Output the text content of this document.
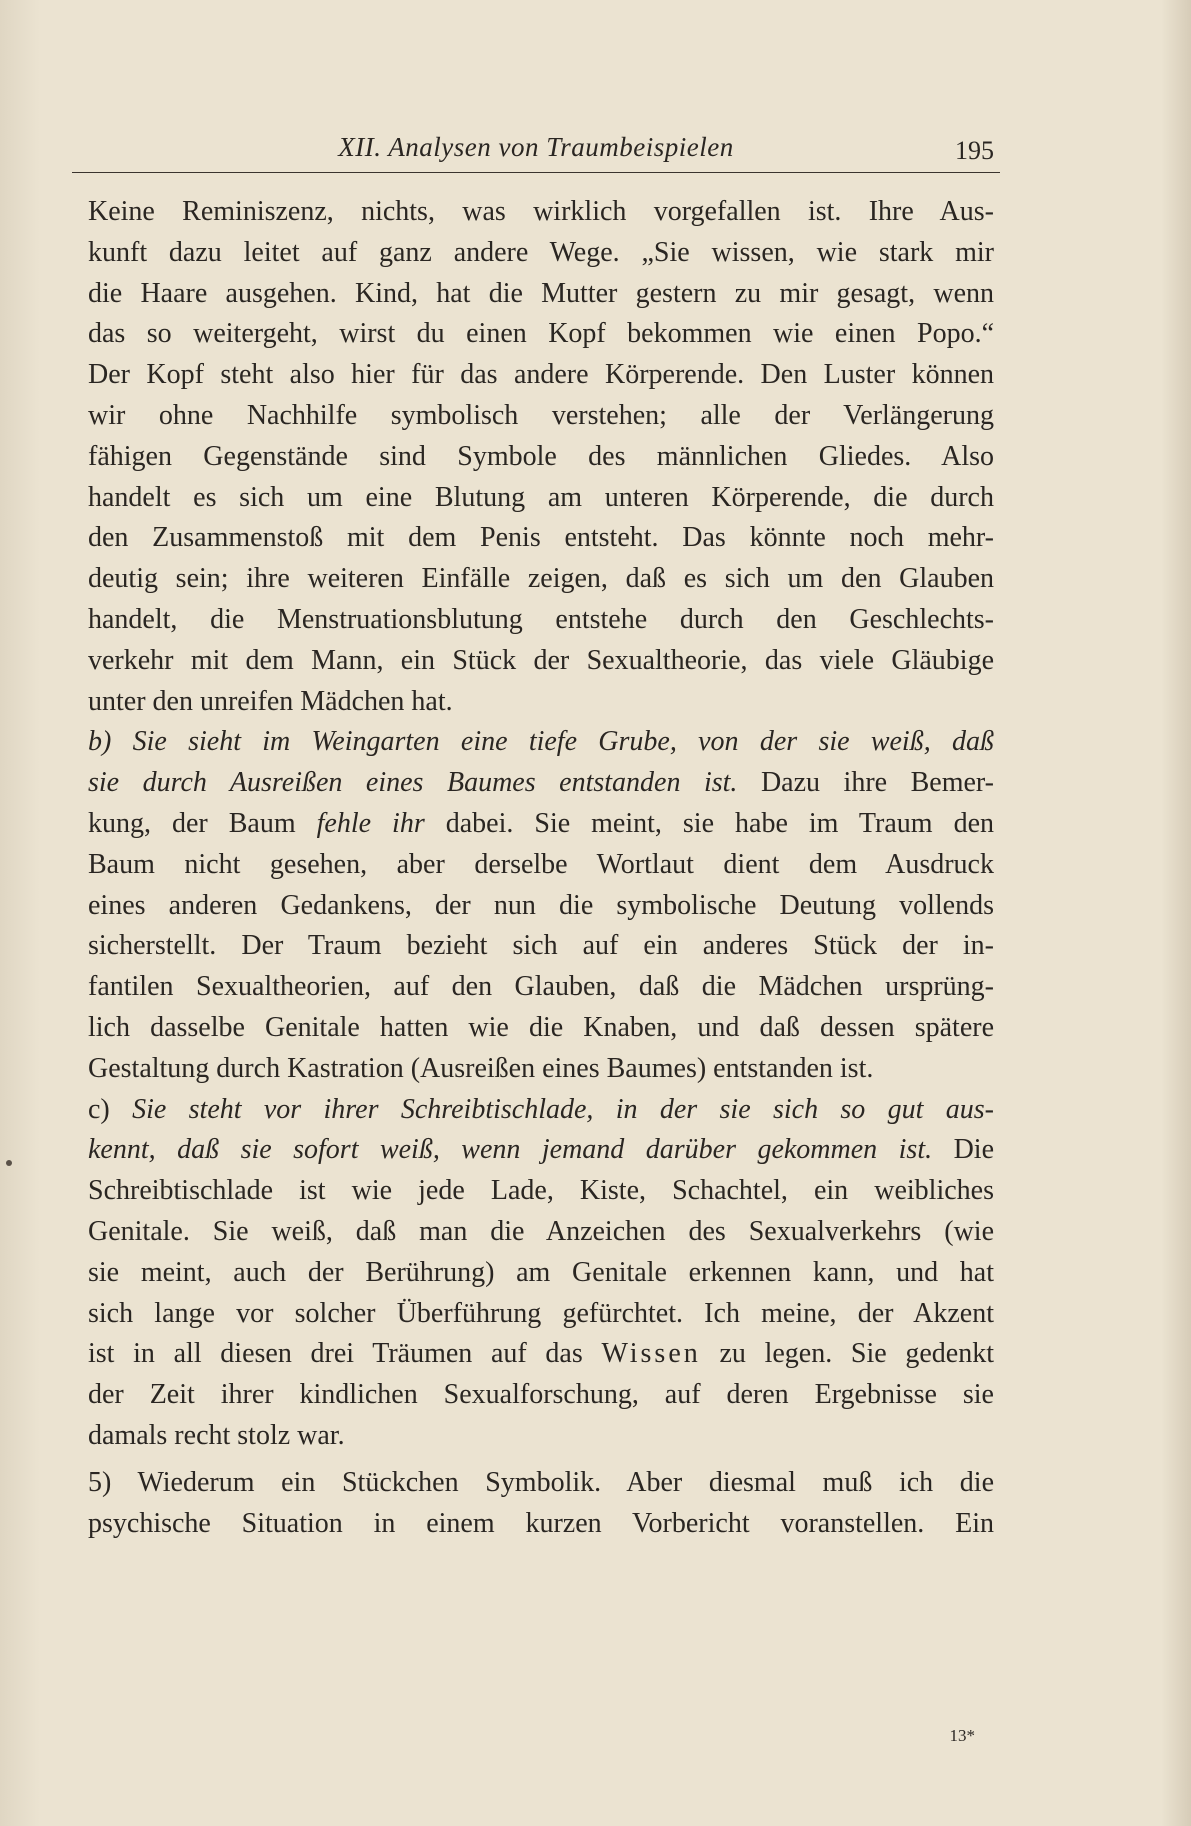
XII. Analysen von Traumbeispielen	195
Keine Reminiszenz, nichts, was wirklich vorgefallen ist. Ihre Aus-
kunft dazu leitet auf ganz andere Wege. „Sie wissen, wie stark mir
die Haare ausgehen. Kind, hat die Mutter gestern zu mir gesagt, wenn
das so weitergeht, wirst du einen Kopf bekommen wie einen Popo.“
Der Kopf steht also hier für das andere Körperende. Den Luster können
wir ohne Nachhilfe symbolisch verstehen; alle der Verlängerung
fähigen Gegenstände sind Symbole des männlichen Gliedes. Also
handelt es sich um eine Blutung am unteren Körperende, die durch
den Zusammenstoß mit dem Penis entsteht. Das könnte noch mehr-
deutig sein; ihre weiteren Einfälle zeigen, daß es sich um den Glauben
handelt, die Menstruationsblutung entstehe durch den Geschlechts-
verkehr mit dem Mann, ein Stück der Sexualtheorie, das viele Gläubige
unter den unreifen Mädchen hat.
b) Sie sieht im Weingarten eine tiefe Grube, von der sie weiß, daß
sie durch Ausreißen eines Baumes entstanden ist. Dazu ihre Bemer-
kung, der Baum fehle ihr dabei. Sie meint, sie habe im Traum den
Baum nicht gesehen, aber derselbe Wortlaut dient dem Ausdruck
eines anderen Gedankens, der nun die symbolische Deutung vollends
sicherstellt. Der Traum bezieht sich auf ein anderes Stück der in-
fantilen Sexualtheorien, auf den Glauben, daß die Mädchen ursprüng-
lich dasselbe Genitale hatten wie die Knaben, und daß dessen spätere
Gestaltung durch Kastration (Ausreißen eines Baumes) entstanden ist.
c) Sie steht vor ihrer Schreibtischlade, in der sie sich so gut aus-
kennt, daß sie sofort weiß, wenn jemand darüber gekommen ist. Die
Schreibtischlade ist wie jede Lade, Kiste, Schachtel, ein weibliches
Genitale. Sie weiß, daß man die Anzeichen des Sexualverkehrs (wie
sie meint, auch der Berührung) am Genitale erkennen kann, und hat
sich lange vor solcher Überführung gefürchtet. Ich meine, der Akzent
ist in all diesen drei Träumen auf das Wissen zu legen. Sie gedenkt
der Zeit ihrer kindlichen Sexualforschung, auf deren Ergebnisse sie
damals recht stolz war.
5) Wiederum ein Stückchen Symbolik. Aber diesmal muß ich die
psychische Situation in einem kurzen Vorbericht voranstellen. Ein
13*
